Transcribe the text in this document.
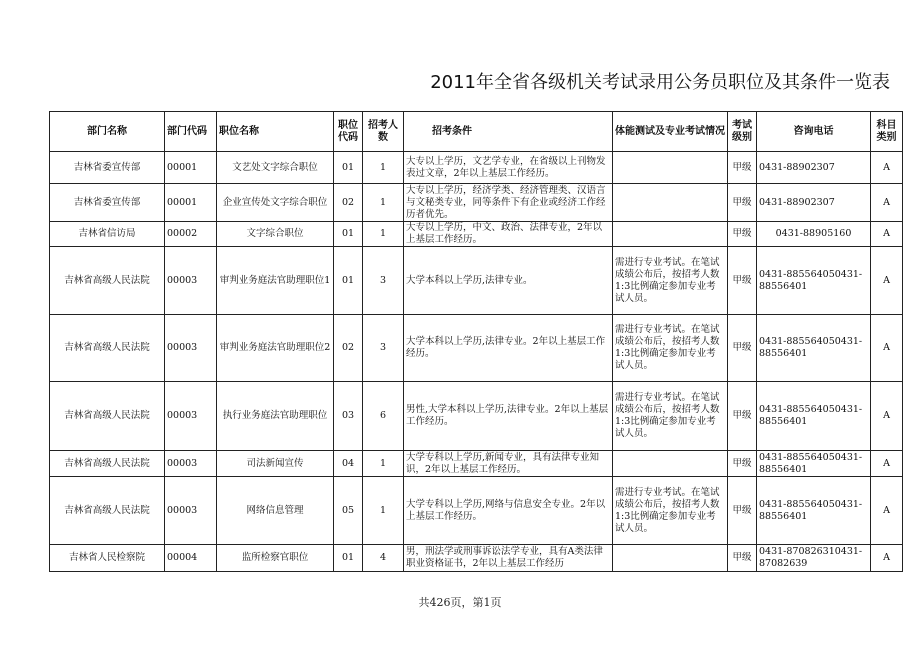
2011年全省各级机关考试录用公务员职位及其条件一览表
部门名称	部门代码	职位名称	职位代码	招考人数	招考条件	体能测试及专业考试情况	考试级别	咨询电话	科目类别
吉林省委宣传部	00001	文艺处文字综合职位	01	1	大专以上学历，文艺学专业，在省级以上刊物发表过文章，2年以上基层工作经历。		甲级	0431-88902307	A
吉林省委宣传部	00001	企业宣传处文字综合职位	02	1	大专以上学历，经济学类、经济管理类、汉语言与文秘类专业，同等条件下有企业或经济工作经历者优先。		甲级	0431-88902307	A
吉林省信访局	00002	文字综合职位	01	1	大专以上学历，中文、政治、法律专业，2年以上基层工作经历。		甲级	0431-88905160	A
吉林省高级人民法院	00003	审判业务庭法官助理职位1	01	3	大学本科以上学历,法律专业。	需进行专业考试。在笔试成绩公布后，按招考人数1:3比例确定参加专业考试人员。	甲级	0431-885564050431-88556401	A
吉林省高级人民法院	00003	审判业务庭法官助理职位2	02	3	大学本科以上学历,法律专业。2年以上基层工作经历。	需进行专业考试。在笔试成绩公布后，按招考人数1:3比例确定参加专业考试人员。	甲级	0431-885564050431-88556401	A
吉林省高级人民法院	00003	执行业务庭法官助理职位	03	6	男性,大学本科以上学历,法律专业。2年以上基层工作经历。	需进行专业考试。在笔试成绩公布后，按招考人数1:3比例确定参加专业考试人员。	甲级	0431-885564050431-88556401	A
吉林省高级人民法院	00003	司法新闻宣传	04	1	大学专科以上学历,新闻专业，具有法律专业知识，2年以上基层工作经历。		甲级	0431-885564050431-88556401	A
吉林省高级人民法院	00003	网络信息管理	05	1	大学专科以上学历,网络与信息安全专业。2年以上基层工作经历。	需进行专业考试。在笔试成绩公布后，按招考人数1:3比例确定参加专业考试人员。	甲级	0431-885564050431-88556401	A
吉林省人民检察院	00004	监所检察官职位	01	4	男，刑法学或刑事诉讼法学专业，具有A类法律职业资格证书，2年以上基层工作经历		甲级	0431-870826310431-87082639	A
共426页，第1页
